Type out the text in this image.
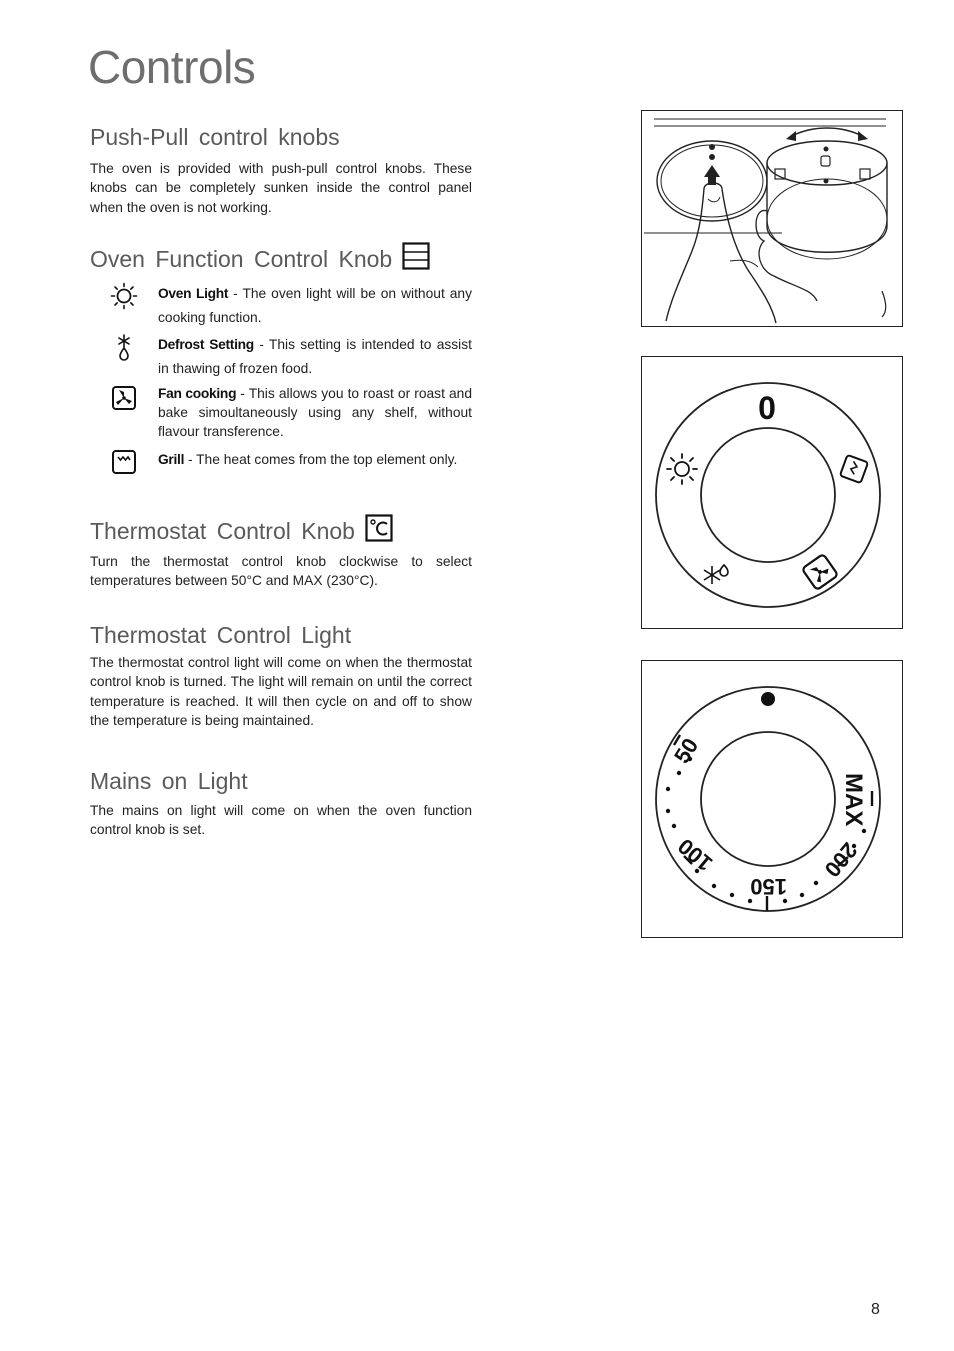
Controls
Push-Pull control knobs

The oven is provided with push-pull control knobs. These knobs can be completely sunken inside the control panel when the oven is not working.

Oven Function Control Knob
Oven Light - The oven light will be on without any cooking function.
Defrost Setting - This setting is intended to assist in thawing of frozen food.
Fan cooking - This allows you to roast or roast and bake simoultaneously using any shelf, without flavour transference.
Grill - The heat comes from the top element only.
Thermostat Control Knob

Turn the thermostat control knob clockwise to select temperatures between 50°C and MAX (230°C).

Thermostat Control Light

The thermostat control light will come on when the thermostat control knob is turned. The light will remain on until the correct temperature is reached. It will then cycle on and off to show the temperature is being maintained.

Mains on Light

The mains on light will come on when the oven function control knob is set.

0
50
100
150
200
MAX
8
